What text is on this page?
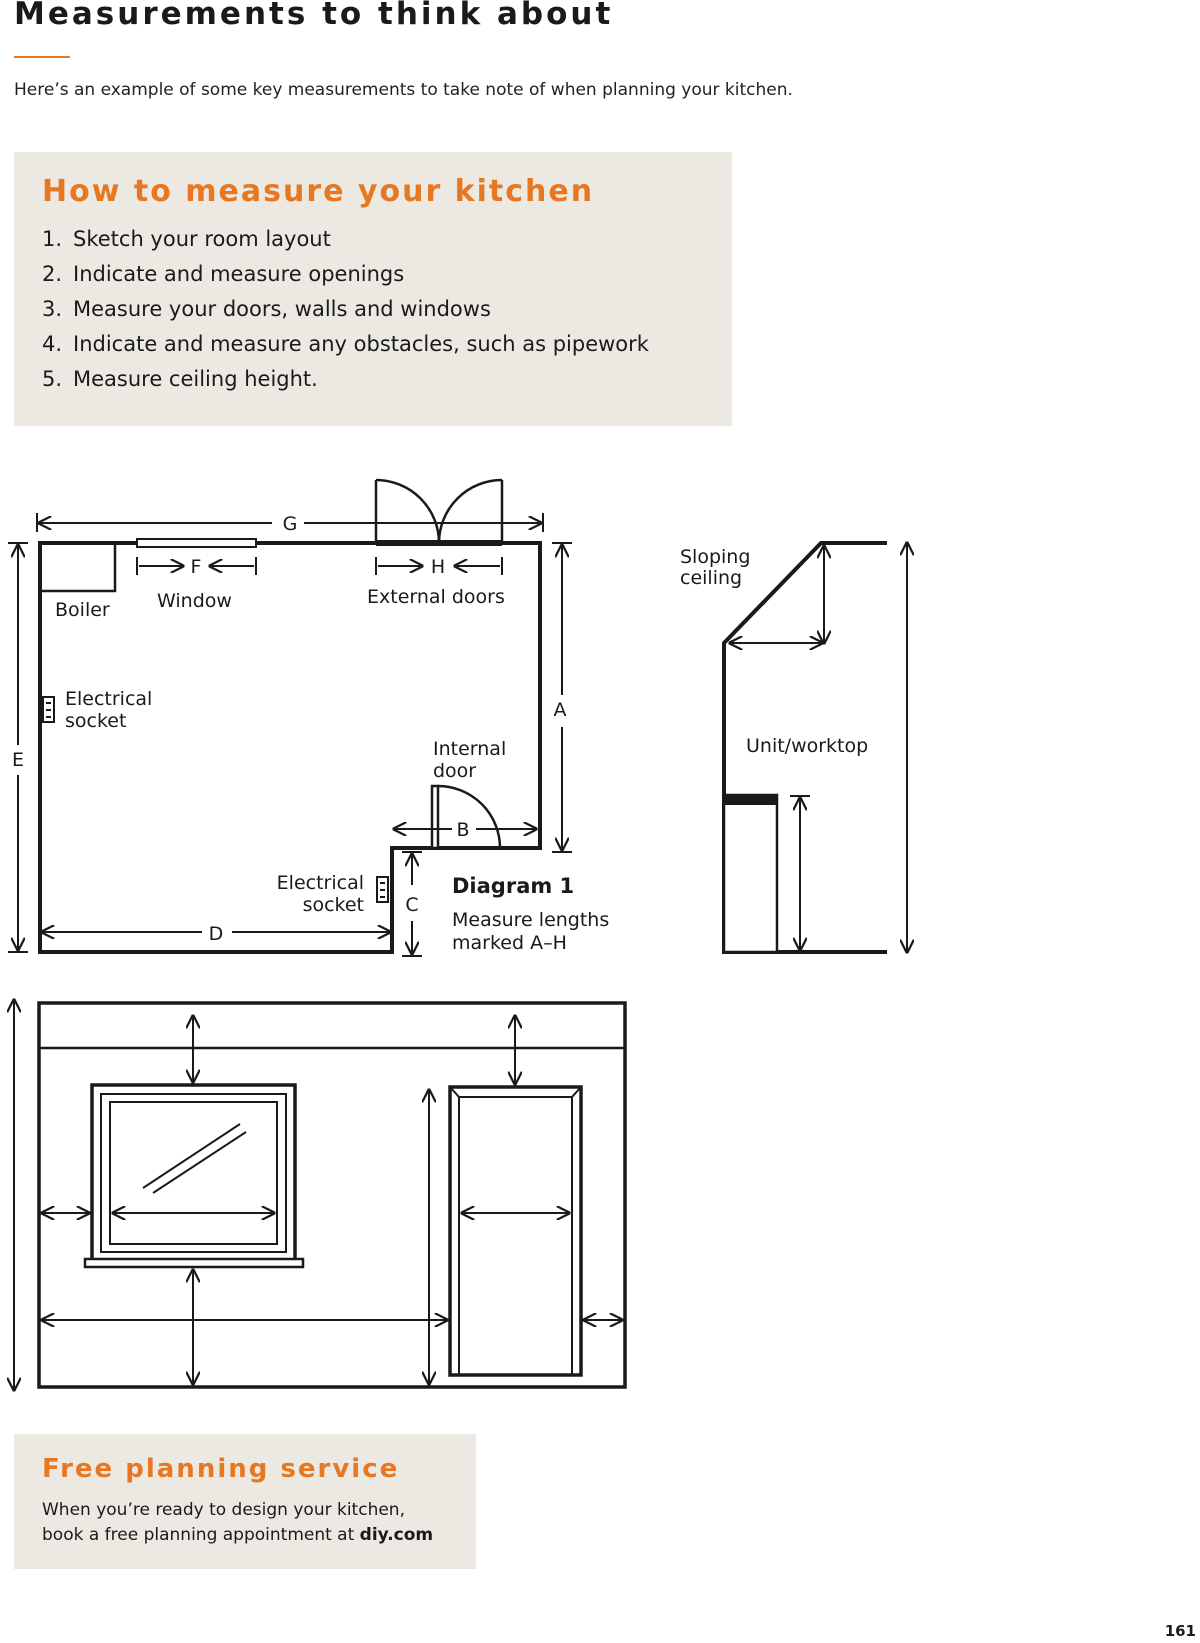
Measurements to think about
Here’s an example of some key measurements to take note of when planning your kitchen.
How to measure your kitchen
1. Sketch your room layout
2. Indicate and measure openings
3. Measure your doors, walls and windows
4. Indicate and measure any obstacles, such as pipework
5. Measure ceiling height.
G
F	H
A
B
C
D
E
Boiler Window	External doors
Electrical
socket
Internal
door
Electrical
socket
Diagram 1
Measure lengths
marked A–H
Sloping
ceiling
Unit/worktop
Free planning service
When you’re ready to design your kitchen,
book a free planning appointment at diy.com
161
